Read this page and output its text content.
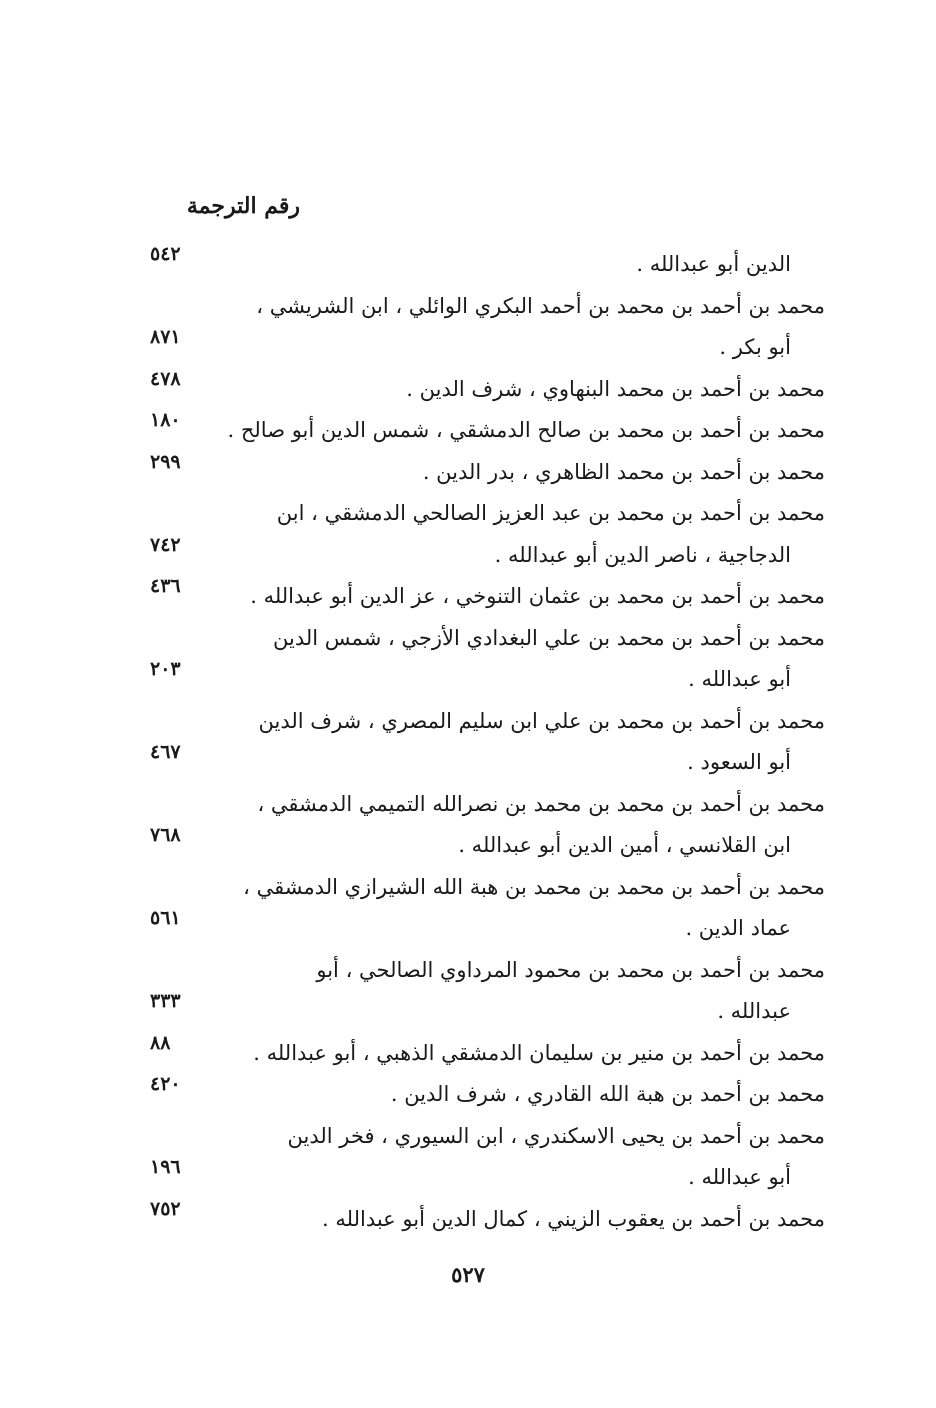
رقم الترجمة
الدين أبو عبدالله .
٥٤٢
محمد بن أحمد بن محمد بن أحمد البكري الوائلي ، ابن الشريشي ،
أبو بكر .
٨٧١
محمد بن أحمد بن محمد البنهاوي ، شرف الدين .
٤٧٨
محمد بن أحمد بن محمد بن صالح الدمشقي ، شمس الدين أبو صالح .
١٨٠
محمد بن أحمد بن محمد الظاهري ، بدر الدين .
٢٩٩
محمد بن أحمد بن محمد بن عبد العزيز الصالحي الدمشقي ، ابن
الدجاجية ، ناصر الدين أبو عبدالله .
٧٤٢
محمد بن أحمد بن محمد بن عثمان التنوخي ، عز الدين أبو عبدالله .
٤٣٦
محمد بن أحمد بن محمد بن علي البغدادي الأزجي ، شمس الدين
أبو عبدالله .
٢٠٣
محمد بن أحمد بن محمد بن علي ابن سليم المصري ، شرف الدين
أبو السعود .
٤٦٧
محمد بن أحمد بن محمد بن محمد بن نصرالله التميمي الدمشقي ،
ابن القلانسي ، أمين الدين أبو عبدالله .
٧٦٨
محمد بن أحمد بن محمد بن محمد بن هبة الله الشيرازي الدمشقي ،
عماد الدين .
٥٦١
محمد بن أحمد بن محمد بن محمود المرداوي الصالحي ، أبو
عبدالله .
٣٣٣
محمد بن أحمد بن منير بن سليمان الدمشقي الذهبي ، أبو عبدالله .
٨٨
محمد بن أحمد بن هبة الله القادري ، شرف الدين .
٤٢٠
محمد بن أحمد بن يحيى الاسكندري ، ابن السيوري ، فخر الدين
أبو عبدالله .
١٩٦
محمد بن أحمد بن يعقوب الزيني ، كمال الدين أبو عبدالله .
٧٥٢
٥٢٧
